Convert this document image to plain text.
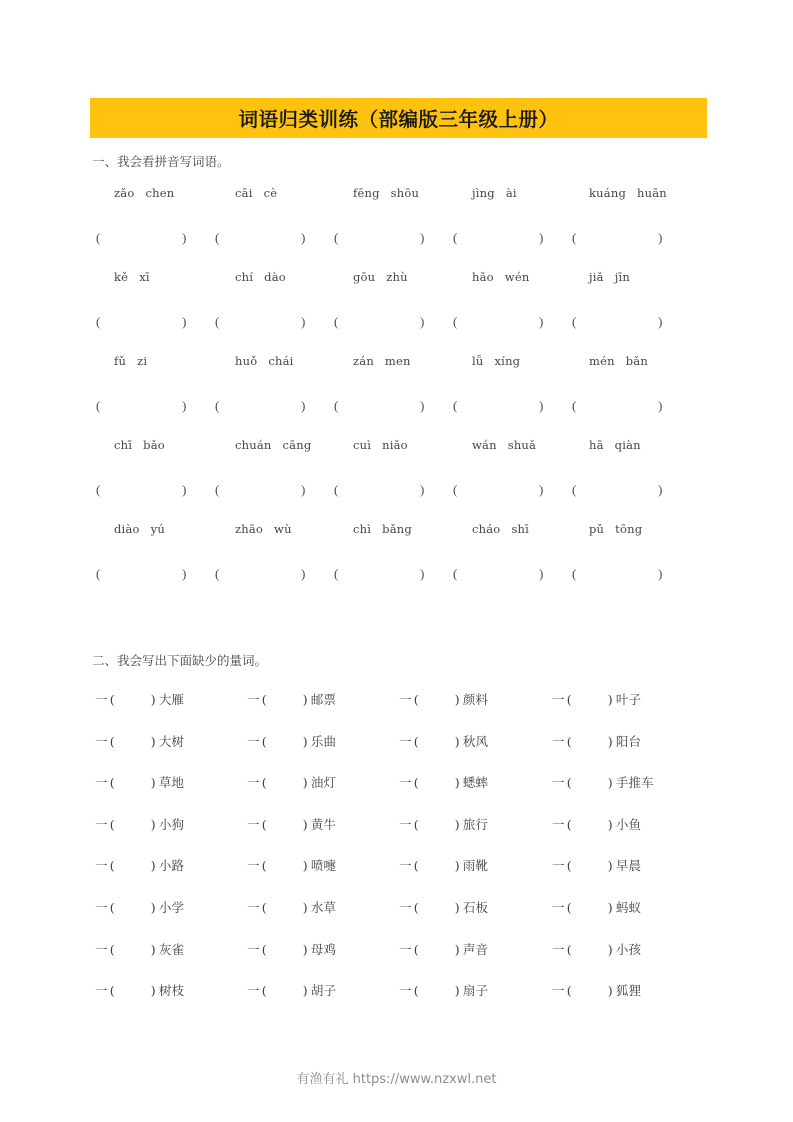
词语归类训练（部编版三年级上册）
一、我会看拼音写词语。
zǎo chen	cāi cè	fēng shōu	jìng ài	kuáng huān
(	) (	) (	) (	) (	)
kě xī	chí dào	gōu zhù	hǎo wén	jiǎ jīn
(	) (	) (	) (	) (	)
fǔ zi	huǒ chái	zán men	lǚ xíng	mén bǎn
(	) (	) (	) (	) (	)
chī bǎo	chuán cāng	cuì niǎo	wán shuǎ	hā qiàn
(	) (	) (	) (	) (	)
diào yú	zhāo wù	chì bǎng	cháo shī	pǔ tōng
(	) (	) (	) (	) (	)
二、我会写出下面缺少的量词。
一 (	) 大雁	一 (	) 邮票	一 (	) 颜料	一 (	) 叶子
一 (	) 大树	一 (	) 乐曲	一 (	) 秋风	一 (	) 阳台
一 (	) 草地	一 (	) 油灯	一 (	) 蟋蟀	一 (	) 手推车
一 (	) 小狗	一 (	) 黄牛	一 (	) 旅行	一 (	) 小鱼
一 (	) 小路	一 (	) 喷嚏	一 (	) 雨靴	一 (	) 早晨
一 (	) 小学	一 (	) 水草	一 (	) 石板	一 (	) 蚂蚁
一 (	) 灰雀	一 (	) 母鸡	一 (	) 声音	一 (	) 小孩
一 (	) 树枝	一 (	) 胡子	一 (	) 扇子	一 (	) 狐狸
有渔有礼 https://www.nzxwl.net
